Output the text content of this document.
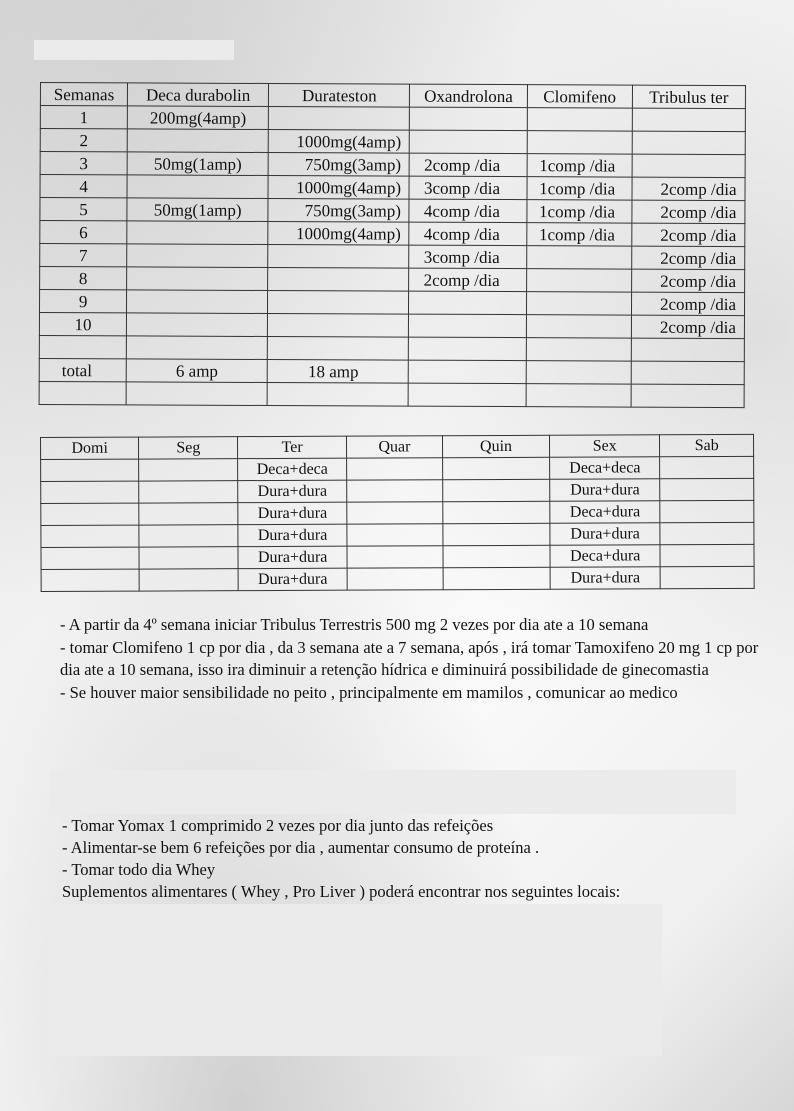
Semanas	Deca durabolin	Durateston	Oxandrolona	Clomifeno	Tribulus ter
1	200mg(4amp)				
2		1000mg(4amp)			
3	50mg(1amp)	750mg(3amp)	2comp /dia	1comp /dia	
4		1000mg(4amp)	3comp /dia	1comp /dia	2comp /dia
5	50mg(1amp)	750mg(3amp)	4comp /dia	1comp /dia	2comp /dia
6		1000mg(4amp)	4comp /dia	1comp /dia	2comp /dia
7			3comp /dia		2comp /dia
8			2comp /dia		2comp /dia
9					2comp /dia
10					2comp /dia

total	6 amp	18 amp			

Domi	Seg	Ter	Quar	Quin	Sex	Sab
		Deca+deca			Deca+deca	
		Dura+dura			Dura+dura	
		Dura+dura			Deca+dura	
		Dura+dura			Dura+dura	
		Dura+dura			Deca+dura	
		Dura+dura			Dura+dura	

- A partir da 4º semana iniciar Tribulus Terrestris 500 mg 2 vezes por dia ate a 10 semana

- tomar Clomifeno 1 cp por dia , da 3 semana ate a 7 semana, após , irá tomar Tamoxifeno 20 mg 1 cp por dia ate a 10 semana, isso ira diminuir a retenção hídrica e diminuirá possibilidade de ginecomastia

- Se houver maior sensibilidade no peito , principalmente em mamilos , comunicar ao medico

- Tomar Yomax 1 comprimido 2 vezes por dia junto das refeições

- Alimentar-se bem 6 refeições por dia , aumentar consumo de proteína .

- Tomar todo dia Whey

Suplementos alimentares ( Whey , Pro Liver ) poderá encontrar nos seguintes locais:
